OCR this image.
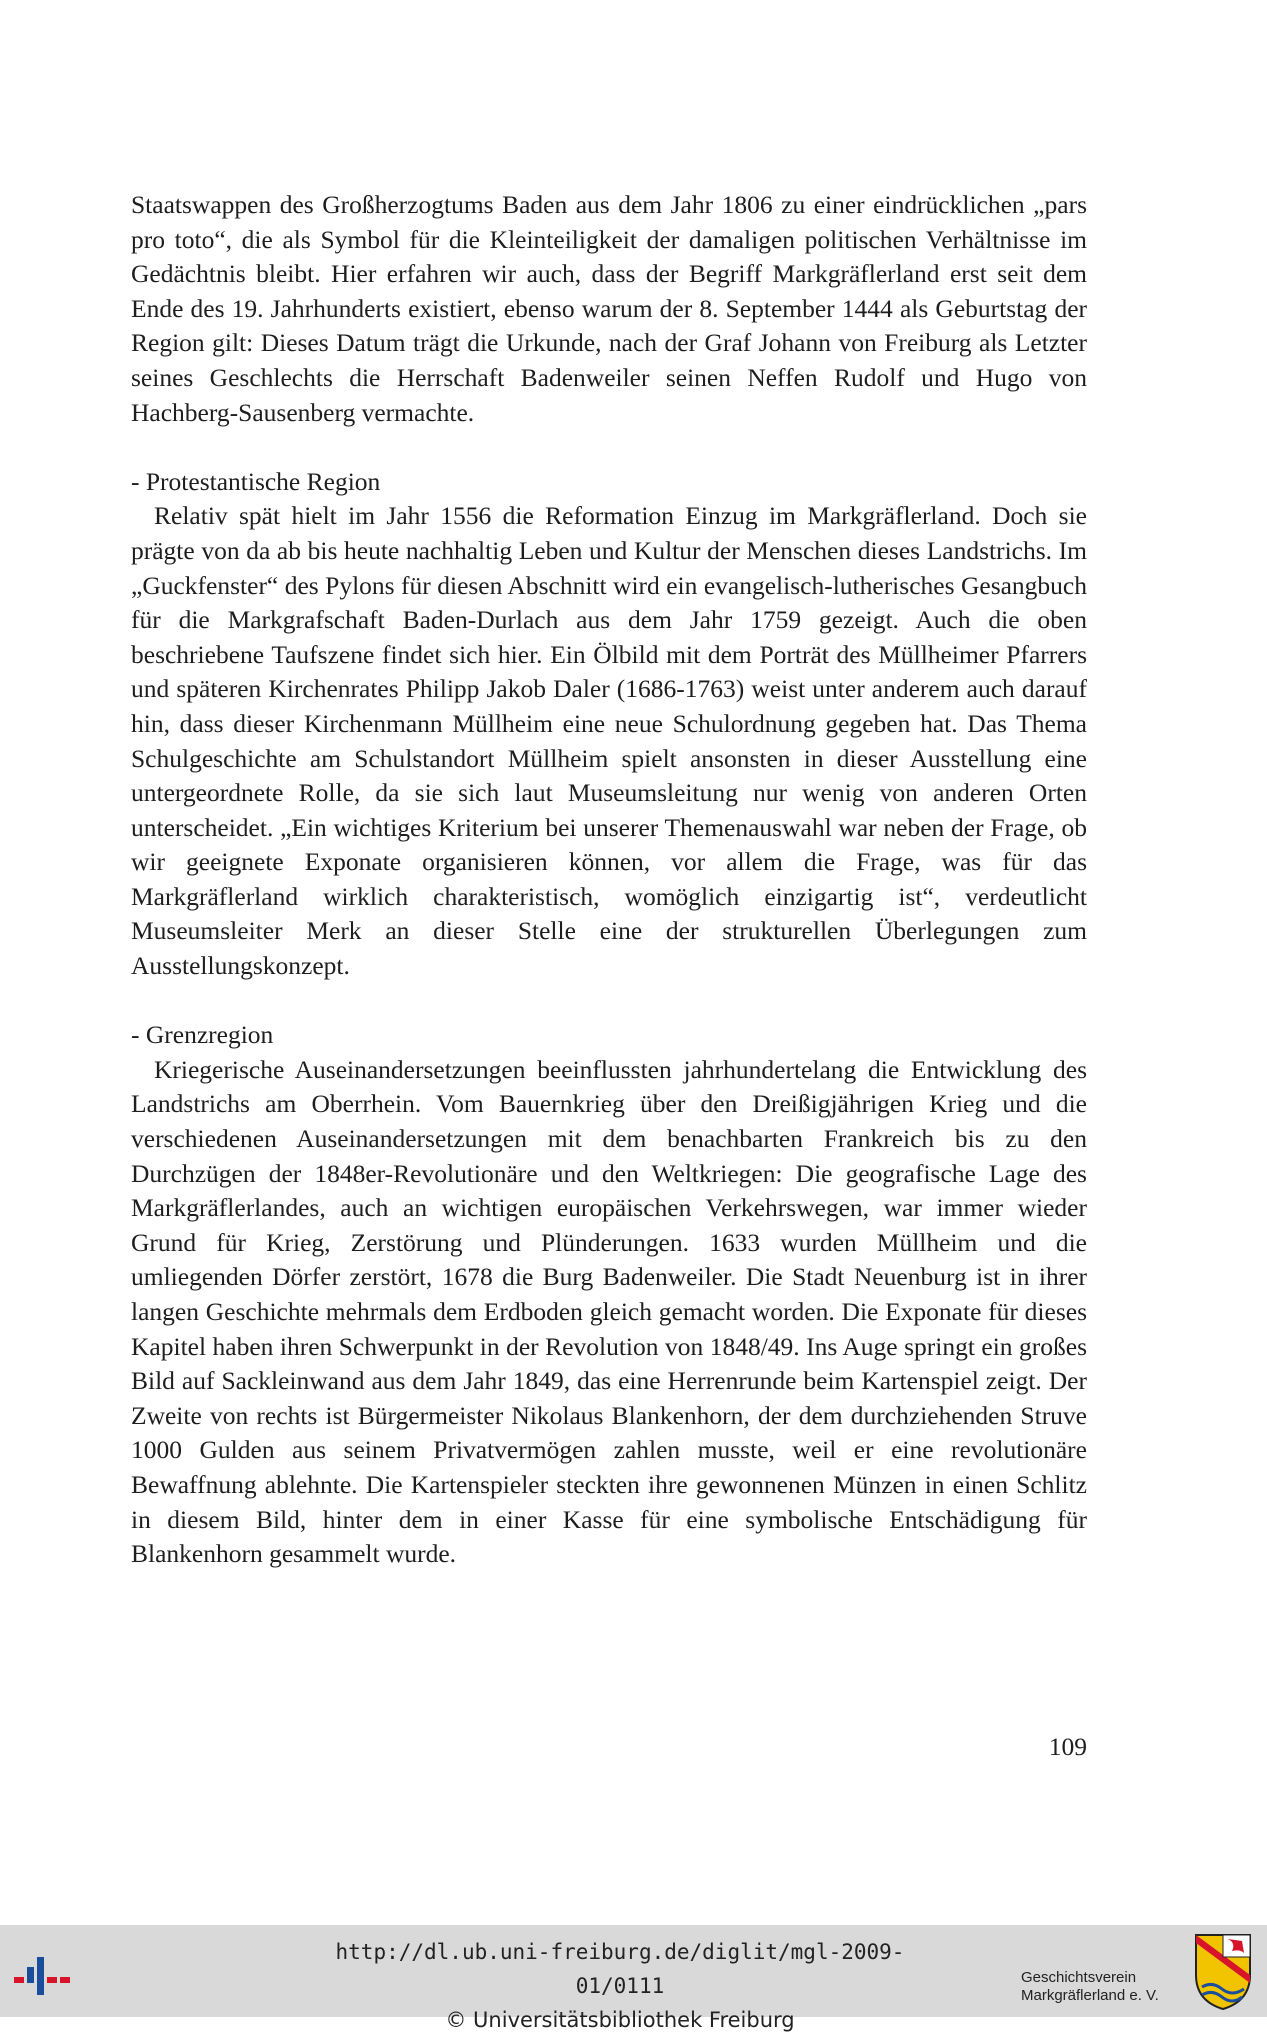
Staatswappen des Großherzogtums Baden aus dem Jahr 1806 zu einer eindrücklichen „pars pro toto“, die als Symbol für die Kleinteiligkeit der damaligen politischen Verhältnisse im Gedächtnis bleibt. Hier erfahren wir auch, dass der Begriff Markgräflerland erst seit dem Ende des 19. Jahrhunderts existiert, ebenso warum der 8. September 1444 als Geburtstag der Region gilt: Dieses Datum trägt die Urkunde, nach der Graf Johann von Freiburg als Letzter seines Geschlechts die Herrschaft Badenweiler seinen Neffen Rudolf und Hugo von Hachberg-Sausenberg vermachte.

- Protestantische Region

Relativ spät hielt im Jahr 1556 die Reformation Einzug im Markgräflerland. Doch sie prägte von da ab bis heute nachhaltig Leben und Kultur der Menschen dieses Landstrichs. Im „Guckfenster“ des Pylons für diesen Abschnitt wird ein evangelisch-lutherisches Gesangbuch für die Markgrafschaft Baden-Durlach aus dem Jahr 1759 gezeigt. Auch die oben beschriebene Taufszene findet sich hier. Ein Ölbild mit dem Porträt des Müllheimer Pfarrers und späteren Kirchenrates Philipp Jakob Daler (1686-1763) weist unter anderem auch darauf hin, dass dieser Kirchenmann Müllheim eine neue Schulordnung gegeben hat. Das Thema Schulgeschichte am Schulstandort Müllheim spielt ansonsten in dieser Ausstellung eine untergeordnete Rolle, da sie sich laut Museumsleitung nur wenig von anderen Orten unterscheidet. „Ein wichtiges Kriterium bei unserer Themenauswahl war neben der Frage, ob wir geeignete Exponate organisieren können, vor allem die Frage, was für das Markgräflerland wirklich charakteristisch, womöglich einzigartig ist“, verdeutlicht Museumsleiter Merk an dieser Stelle eine der strukturellen Überlegungen zum Ausstellungskonzept.

- Grenzregion

Kriegerische Auseinandersetzungen beeinflussten jahrhundertelang die Entwicklung des Landstrichs am Oberrhein. Vom Bauernkrieg über den Dreißigjährigen Krieg und die verschiedenen Auseinandersetzungen mit dem benachbarten Frankreich bis zu den Durchzügen der 1848er-Revolutionäre und den Weltkriegen: Die geografische Lage des Markgräflerlandes, auch an wichtigen europäischen Verkehrswegen, war immer wieder Grund für Krieg, Zerstörung und Plünderungen. 1633 wurden Müllheim und die umliegenden Dörfer zerstört, 1678 die Burg Badenweiler. Die Stadt Neuenburg ist in ihrer langen Geschichte mehrmals dem Erdboden gleich gemacht worden. Die Exponate für dieses Kapitel haben ihren Schwerpunkt in der Revolution von 1848/49. Ins Auge springt ein großes Bild auf Sackleinwand aus dem Jahr 1849, das eine Herrenrunde beim Kartenspiel zeigt. Der Zweite von rechts ist Bürgermeister Nikolaus Blankenhorn, der dem durchziehenden Struve 1000 Gulden aus seinem Privatvermögen zahlen musste, weil er eine revolutionäre Bewaffnung ablehnte. Die Kartenspieler steckten ihre gewonnenen Münzen in einen Schlitz in diesem Bild, hinter dem in einer Kasse für eine symbolische Entschädigung für Blankenhorn gesammelt wurde.

109
http://dl.ub.uni-freiburg.de/diglit/mgl-2009-01/0111
© Universitätsbibliothek Freiburg
Geschichtsverein
Markgräflerland e. V.
